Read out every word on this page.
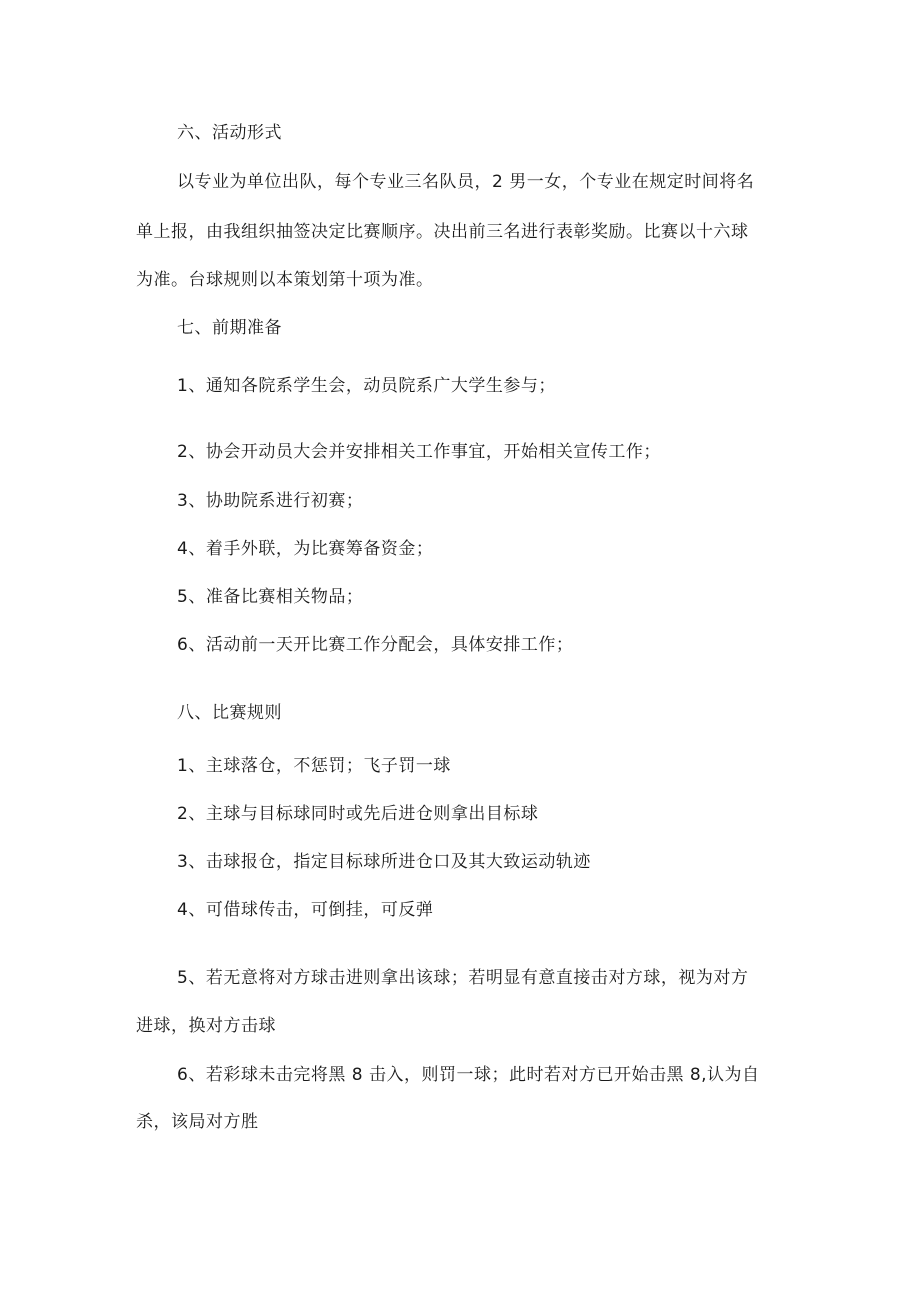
六、活动形式
以专业为单位出队，每个专业三名队员，2 男一女，个专业在规定时间将名
单上报，由我组织抽签决定比赛顺序。决出前三名进行表彰奖励。比赛以十六球
为准。台球规则以本策划第十项为准。
七、前期准备
1、通知各院系学生会，动员院系广大学生参与；
2、协会开动员大会并安排相关工作事宜，开始相关宣传工作；
3、协助院系进行初赛；
4、着手外联，为比赛筹备资金；
5、准备比赛相关物品；
6、活动前一天开比赛工作分配会，具体安排工作；
八、比赛规则
1、主球落仓，不惩罚；飞子罚一球
2、主球与目标球同时或先后进仓则拿出目标球
3、击球报仓，指定目标球所进仓口及其大致运动轨迹
4、可借球传击，可倒挂，可反弹
5、若无意将对方球击进则拿出该球；若明显有意直接击对方球，视为对方
进球，换对方击球
6、若彩球未击完将黑 8 击入，则罚一球；此时若对方已开始击黑 8,认为自
杀，该局对方胜
